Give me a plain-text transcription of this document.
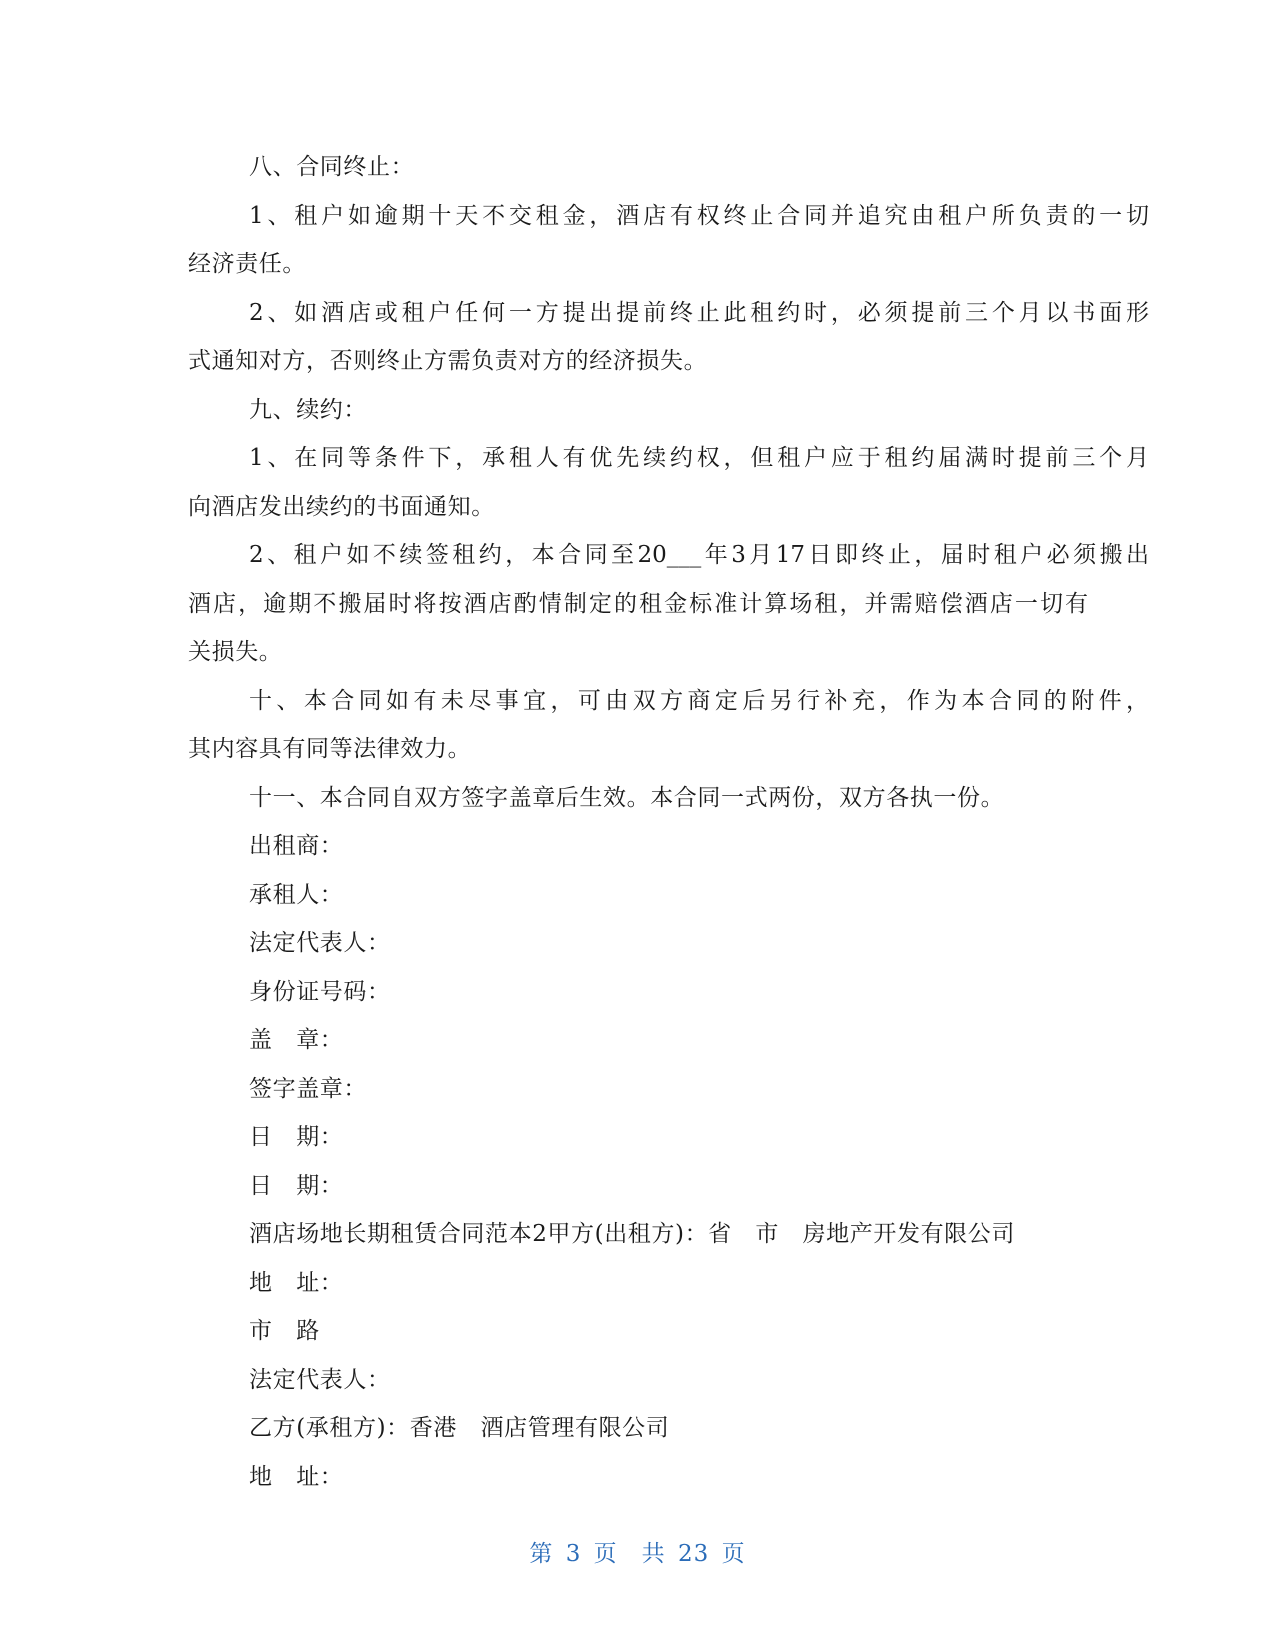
八、合同终止：
1、租户如逾期十天不交租金，酒店有权终止合同并追究由租户所负责的一切
经济责任。
2、如酒店或租户任何一方提出提前终止此租约时，必须提前三个月以书面形
式通知对方，否则终止方需负责对方的经济损失。
九、续约：
1、在同等条件下，承租人有优先续约权，但租户应于租约届满时提前三个月
向酒店发出续约的书面通知。
2、租户如不续签租约，本合同至20___年3月17日即终止，届时租户必须搬出
酒店，逾期不搬届时将按酒店酌情制定的租金标准计算场租，并需赔偿酒店一切有
关损失。
十、本合同如有未尽事宜，可由双方商定后另行补充，作为本合同的附件，
其内容具有同等法律效力。
十一、本合同自双方签字盖章后生效。本合同一式两份，双方各执一份。
出租商：
承租人：
法定代表人：
身份证号码：
盖　章：
签字盖章：
日　期：
日　期：
酒店场地长期租赁合同范本2甲方(出租方)：省　市　房地产开发有限公司
地　址：
市　路
法定代表人：
乙方(承租方)：香港　酒店管理有限公司
地　址：
第 3 页　共 23 页
